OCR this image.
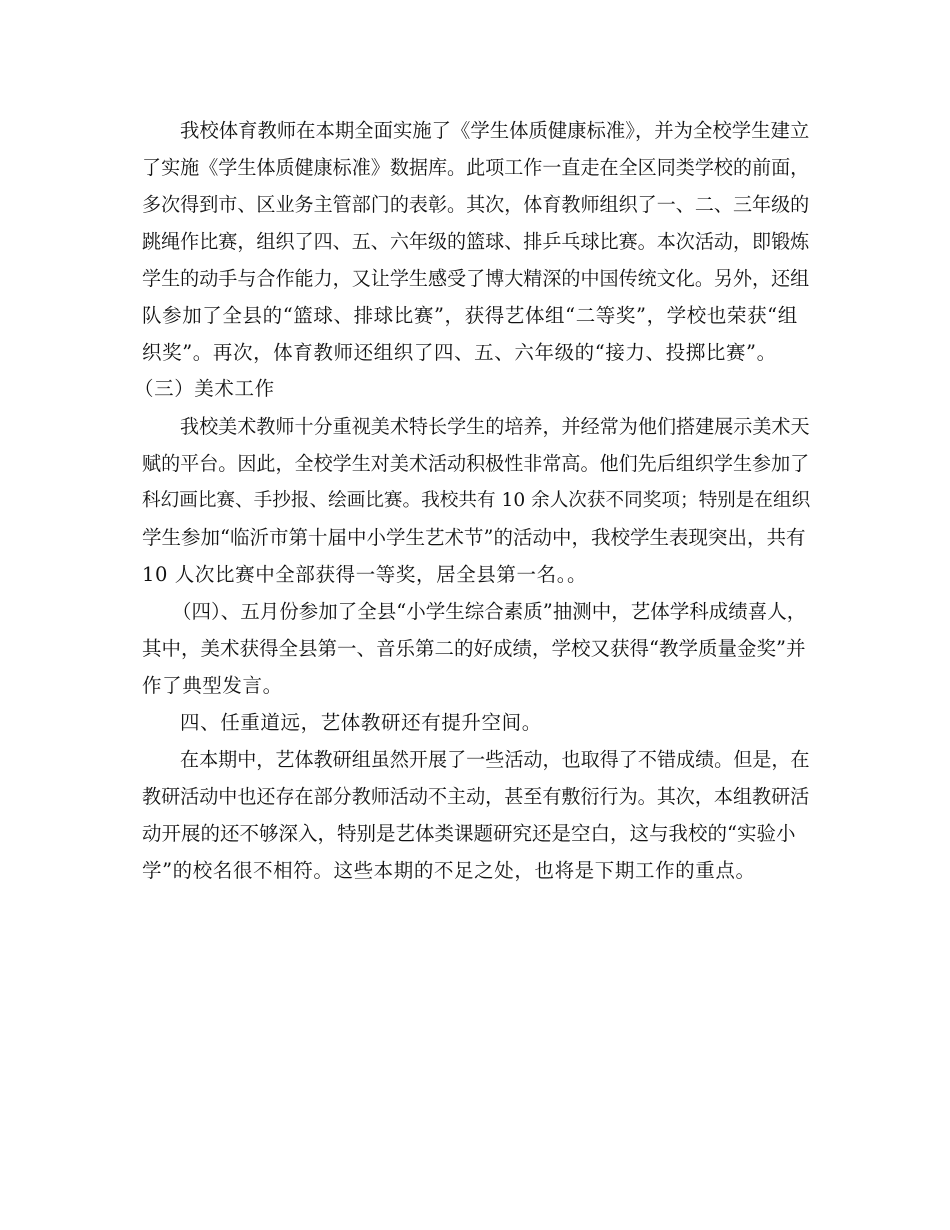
我校体育教师在本期全面实施了《学生体质健康标准》，并为全校学生建立
了实施《学生体质健康标准》数据库。此项工作一直走在全区同类学校的前面，
多次得到市、区业务主管部门的表彰。其次，体育教师组织了一、二、三年级的
跳绳作比赛，组织了四、五、六年级的篮球、排乒乓球比赛。本次活动，即锻炼
学生的动手与合作能力，又让学生感受了博大精深的中国传统文化。另外，还组
队参加了全县的“篮球、排球比赛”，获得艺体组“二等奖”，学校也荣获“组
织奖”。再次，体育教师还组织了四、五、六年级的“接力、投掷比赛”。
（三）美术工作
我校美术教师十分重视美术特长学生的培养，并经常为他们搭建展示美术天
赋的平台。因此，全校学生对美术活动积极性非常高。他们先后组织学生参加了
科幻画比赛、手抄报、绘画比赛。我校共有 10 余人次获不同奖项；特别是在组织
学生参加“临沂市第十届中小学生艺术节”的活动中，我校学生表现突出，共有
10 人次比赛中全部获得一等奖，居全县第一名。。
（四）、五月份参加了全县“小学生综合素质”抽测中，艺体学科成绩喜人，
其中，美术获得全县第一、音乐第二的好成绩，学校又获得“教学质量金奖”并
作了典型发言。
四、任重道远，艺体教研还有提升空间。
在本期中，艺体教研组虽然开展了一些活动，也取得了不错成绩。但是，在
教研活动中也还存在部分教师活动不主动，甚至有敷衍行为。其次，本组教研活
动开展的还不够深入，特别是艺体类课题研究还是空白，这与我校的“实验小
学”的校名很不相符。这些本期的不足之处，也将是下期工作的重点。
